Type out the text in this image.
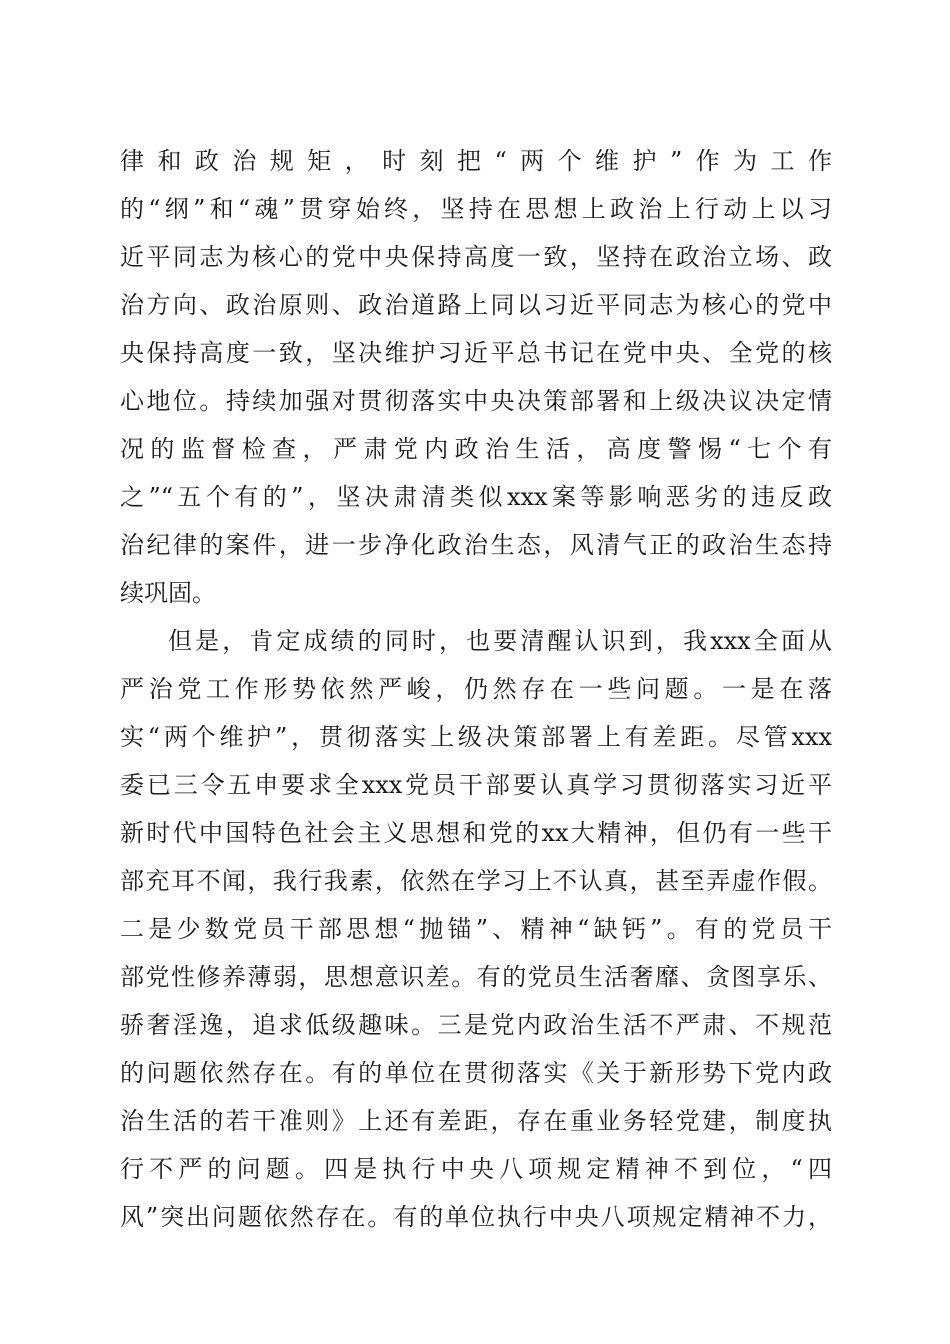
律和政治规矩，时刻把“两个维护”作为工作
的“纲”和“魂”贯穿始终，坚持在思想上政治上行动上以习
近平同志为核心的党中央保持高度一致，坚持在政治立场、政
治方向、政治原则、政治道路上同以习近平同志为核心的党中
央保持高度一致，坚决维护习近平总书记在党中央、全党的核
心地位。持续加强对贯彻落实中央决策部署和上级决议决定情
况的监督检查，严肃党内政治生活，高度警惕“七个有
之”“五个有的”，坚决肃清类似xxx案等影响恶劣的违反政
治纪律的案件，进一步净化政治生态，风清气正的政治生态持
续巩固。
但是，肯定成绩的同时，也要清醒认识到，我xxx全面从
严治党工作形势依然严峻，仍然存在一些问题。一是在落
实“两个维护”，贯彻落实上级决策部署上有差距。尽管xxx
委已三令五申要求全xxx党员干部要认真学习贯彻落实习近平
新时代中国特色社会主义思想和党的xx大精神，但仍有一些干
部充耳不闻，我行我素，依然在学习上不认真，甚至弄虚作假。
二是少数党员干部思想“抛锚”、精神“缺钙”。有的党员干
部党性修养薄弱，思想意识差。有的党员生活奢靡、贪图享乐、
骄奢淫逸，追求低级趣味。三是党内政治生活不严肃、不规范
的问题依然存在。有的单位在贯彻落实《关于新形势下党内政
治生活的若干准则》上还有差距，存在重业务轻党建，制度执
行不严的问题。四是执行中央八项规定精神不到位，“四
风”突出问题依然存在。有的单位执行中央八项规定精神不力，
